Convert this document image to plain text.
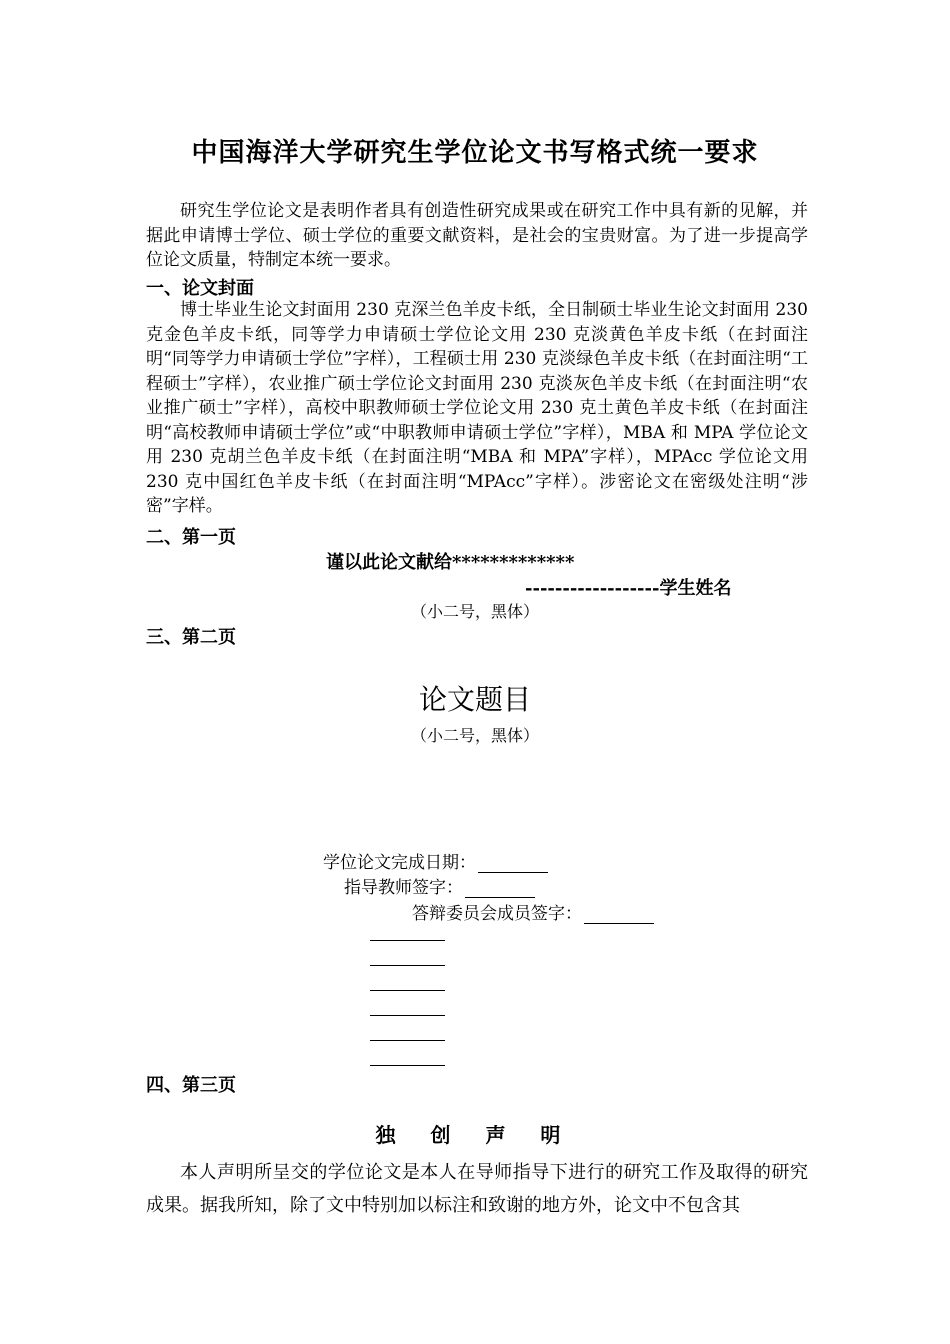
中国海洋大学研究生学位论文书写格式统一要求
研究生学位论文是表明作者具有创造性研究成果或在研究工作中具有新的见解，并据此申请博士学位、硕士学位的重要文献资料，是社会的宝贵财富。为了进一步提高学位论文质量，特制定本统一要求。
一、论文封面
博士毕业生论文封面用 230 克深兰色羊皮卡纸，全日制硕士毕业生论文封面用 230 克金色羊皮卡纸，同等学力申请硕士学位论文用 230 克淡黄色羊皮卡纸（在封面注明“同等学力申请硕士学位”字样），工程硕士用 230 克淡绿色羊皮卡纸（在封面注明“工程硕士”字样），农业推广硕士学位论文封面用 230 克淡灰色羊皮卡纸（在封面注明“农业推广硕士”字样），高校中职教师硕士学位论文用 230 克土黄色羊皮卡纸（在封面注明“高校教师申请硕士学位”或“中职教师申请硕士学位”字样），MBA 和 MPA 学位论文用 230 克胡兰色羊皮卡纸（在封面注明“MBA 和 MPA”字样），MPAcc 学位论文用 230 克中国红色羊皮卡纸（在封面注明“MPAcc”字样）。涉密论文在密级处注明“涉密”字样。
二、第一页
谨以此论文献给*************
------------------学生姓名
（小二号，黑体）
三、第二页
论文题目
（小二号，黑体）
学位论文完成日期：
指导教师签字：
答辩委员会成员签字：
四、第三页
独 创 声 明
本人声明所呈交的学位论文是本人在导师指导下进行的研究工作及取得的研究成果。据我所知，除了文中特别加以标注和致谢的地方外，论文中不包含其
